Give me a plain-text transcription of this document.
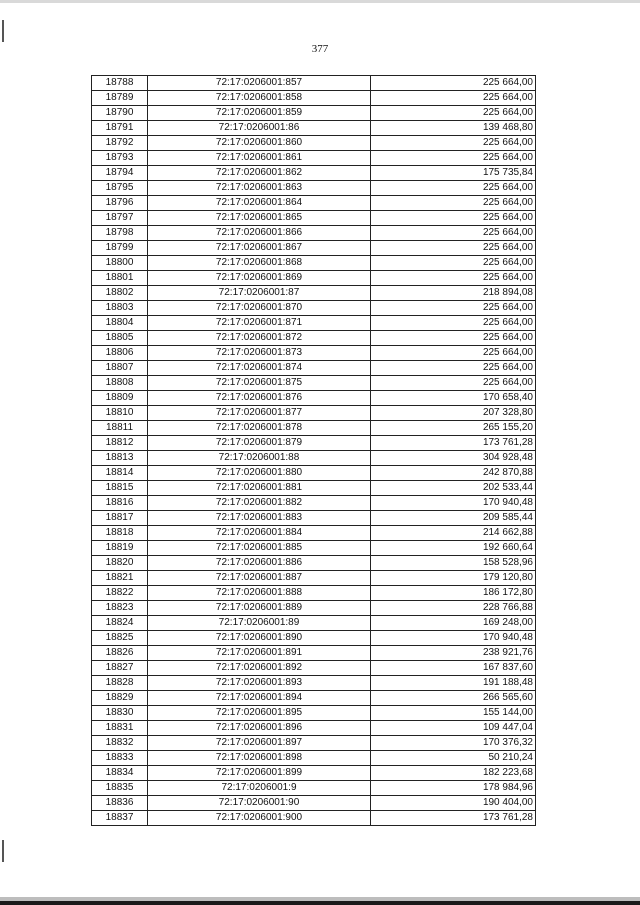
377
18788	72:17:0206001:857	225 664,00
18789	72:17:0206001:858	225 664,00
18790	72:17:0206001:859	225 664,00
18791	72:17:0206001:86	139 468,80
18792	72:17:0206001:860	225 664,00
18793	72:17:0206001:861	225 664,00
18794	72:17:0206001:862	175 735,84
18795	72:17:0206001:863	225 664,00
18796	72:17:0206001:864	225 664,00
18797	72:17:0206001:865	225 664,00
18798	72:17:0206001:866	225 664,00
18799	72:17:0206001:867	225 664,00
18800	72:17:0206001:868	225 664,00
18801	72:17:0206001:869	225 664,00
18802	72:17:0206001:87	218 894,08
18803	72:17:0206001:870	225 664,00
18804	72:17:0206001:871	225 664,00
18805	72:17:0206001:872	225 664,00
18806	72:17:0206001:873	225 664,00
18807	72:17:0206001:874	225 664,00
18808	72:17:0206001:875	225 664,00
18809	72:17:0206001:876	170 658,40
18810	72:17:0206001:877	207 328,80
18811	72:17:0206001:878	265 155,20
18812	72:17:0206001:879	173 761,28
18813	72:17:0206001:88	304 928,48
18814	72:17:0206001:880	242 870,88
18815	72:17:0206001:881	202 533,44
18816	72:17:0206001:882	170 940,48
18817	72:17:0206001:883	209 585,44
18818	72:17:0206001:884	214 662,88
18819	72:17:0206001:885	192 660,64
18820	72:17:0206001:886	158 528,96
18821	72:17:0206001:887	179 120,80
18822	72:17:0206001:888	186 172,80
18823	72:17:0206001:889	228 766,88
18824	72:17:0206001:89	169 248,00
18825	72:17:0206001:890	170 940,48
18826	72:17:0206001:891	238 921,76
18827	72:17:0206001:892	167 837,60
18828	72:17:0206001:893	191 188,48
18829	72:17:0206001:894	266 565,60
18830	72:17:0206001:895	155 144,00
18831	72:17:0206001:896	109 447,04
18832	72:17:0206001:897	170 376,32
18833	72:17:0206001:898	50 210,24
18834	72:17:0206001:899	182 223,68
18835	72:17:0206001:9	178 984,96
18836	72:17:0206001:90	190 404,00
18837	72:17:0206001:900	173 761,28
